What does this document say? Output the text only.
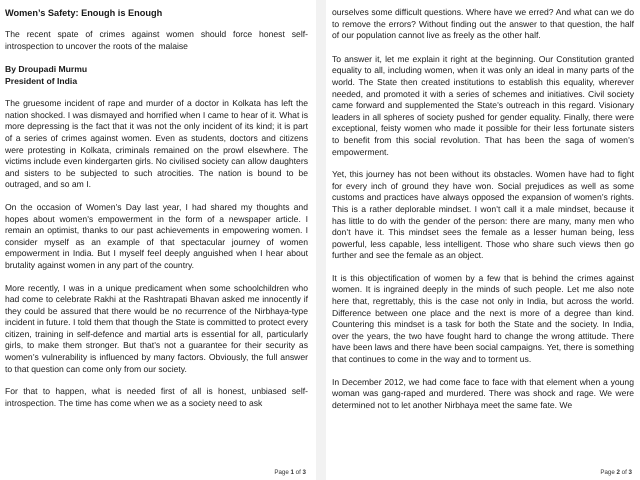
Women’s Safety: Enough is Enough

The recent spate of crimes against women should force honest self-introspection to uncover the roots of the malaise

By Droupadi Murmu
President of India

The gruesome incident of rape and murder of a doctor in Kolkata has left the nation shocked. I was dismayed and horrified when I came to hear of it. What is more depressing is the fact that it was not the only incident of its kind; it is part of a series of crimes against women. Even as students, doctors and citizens were protesting in Kolkata, criminals remained on the prowl elsewhere. The victims include even kindergarten girls. No civilised society can allow daughters and sisters to be subjected to such atrocities. The nation is bound to be outraged, and so am I.

On the occasion of Women’s Day last year, I had shared my thoughts and hopes about women’s empowerment in the form of a newspaper article. I remain an optimist, thanks to our past achievements in empowering women. I consider myself as an example of that spectacular journey of women empowerment in India. But I myself feel deeply anguished when I hear about brutality against women in any part of the country.

More recently, I was in a unique predicament when some schoolchildren who had come to celebrate Rakhi at the Rashtrapati Bhavan asked me innocently if they could be assured that there would be no recurrence of the Nirbhaya-type incident in future. I told them that though the State is committed to protect every citizen, training in self-defence and martial arts is essential for all, particularly girls, to make them stronger. But that’s not a guarantee for their security as women’s vulnerability is influenced by many factors. Obviously, the full answer to that question can come only from our society.

For that to happen, what is needed first of all is honest, unbiased self-introspection. The time has come when we as a society need to ask

Page 1 of 3

ourselves some difficult questions. Where have we erred? And what can we do to remove the errors? Without finding out the answer to that question, the half of our population cannot live as freely as the other half.

To answer it, let me explain it right at the beginning. Our Constitution granted equality to all, including women, when it was only an ideal in many parts of the world. The State then created institutions to establish this equality, wherever needed, and promoted it with a series of schemes and initiatives. Civil society came forward and supplemented the State’s outreach in this regard. Visionary leaders in all spheres of society pushed for gender equality. Finally, there were exceptional, feisty women who made it possible for their less fortunate sisters to benefit from this social revolution. That has been the saga of women’s empowerment.

Yet, this journey has not been without its obstacles. Women have had to fight for every inch of ground they have won. Social prejudices as well as some customs and practices have always opposed the expansion of women’s rights. This is a rather deplorable mindset. I won’t call it a male mindset, because it has little to do with the gender of the person: there are many, many men who don’t have it. This mindset sees the female as a lesser human being, less powerful, less capable, less intelligent. Those who share such views then go further and see the female as an object.

It is this objectification of women by a few that is behind the crimes against women. It is ingrained deeply in the minds of such people. Let me also note here that, regrettably, this is the case not only in India, but across the world. Difference between one place and the next is more of a degree than kind. Countering this mindset is a task for both the State and the society. In India, over the years, the two have fought hard to change the wrong attitude. There have been laws and there have been social campaigns. Yet, there is something that continues to come in the way and to torment us.

In December 2012, we had come face to face with that element when a young woman was gang-raped and murdered. There was shock and rage. We were determined not to let another Nirbhaya meet the same fate. We

Page 2 of 3
